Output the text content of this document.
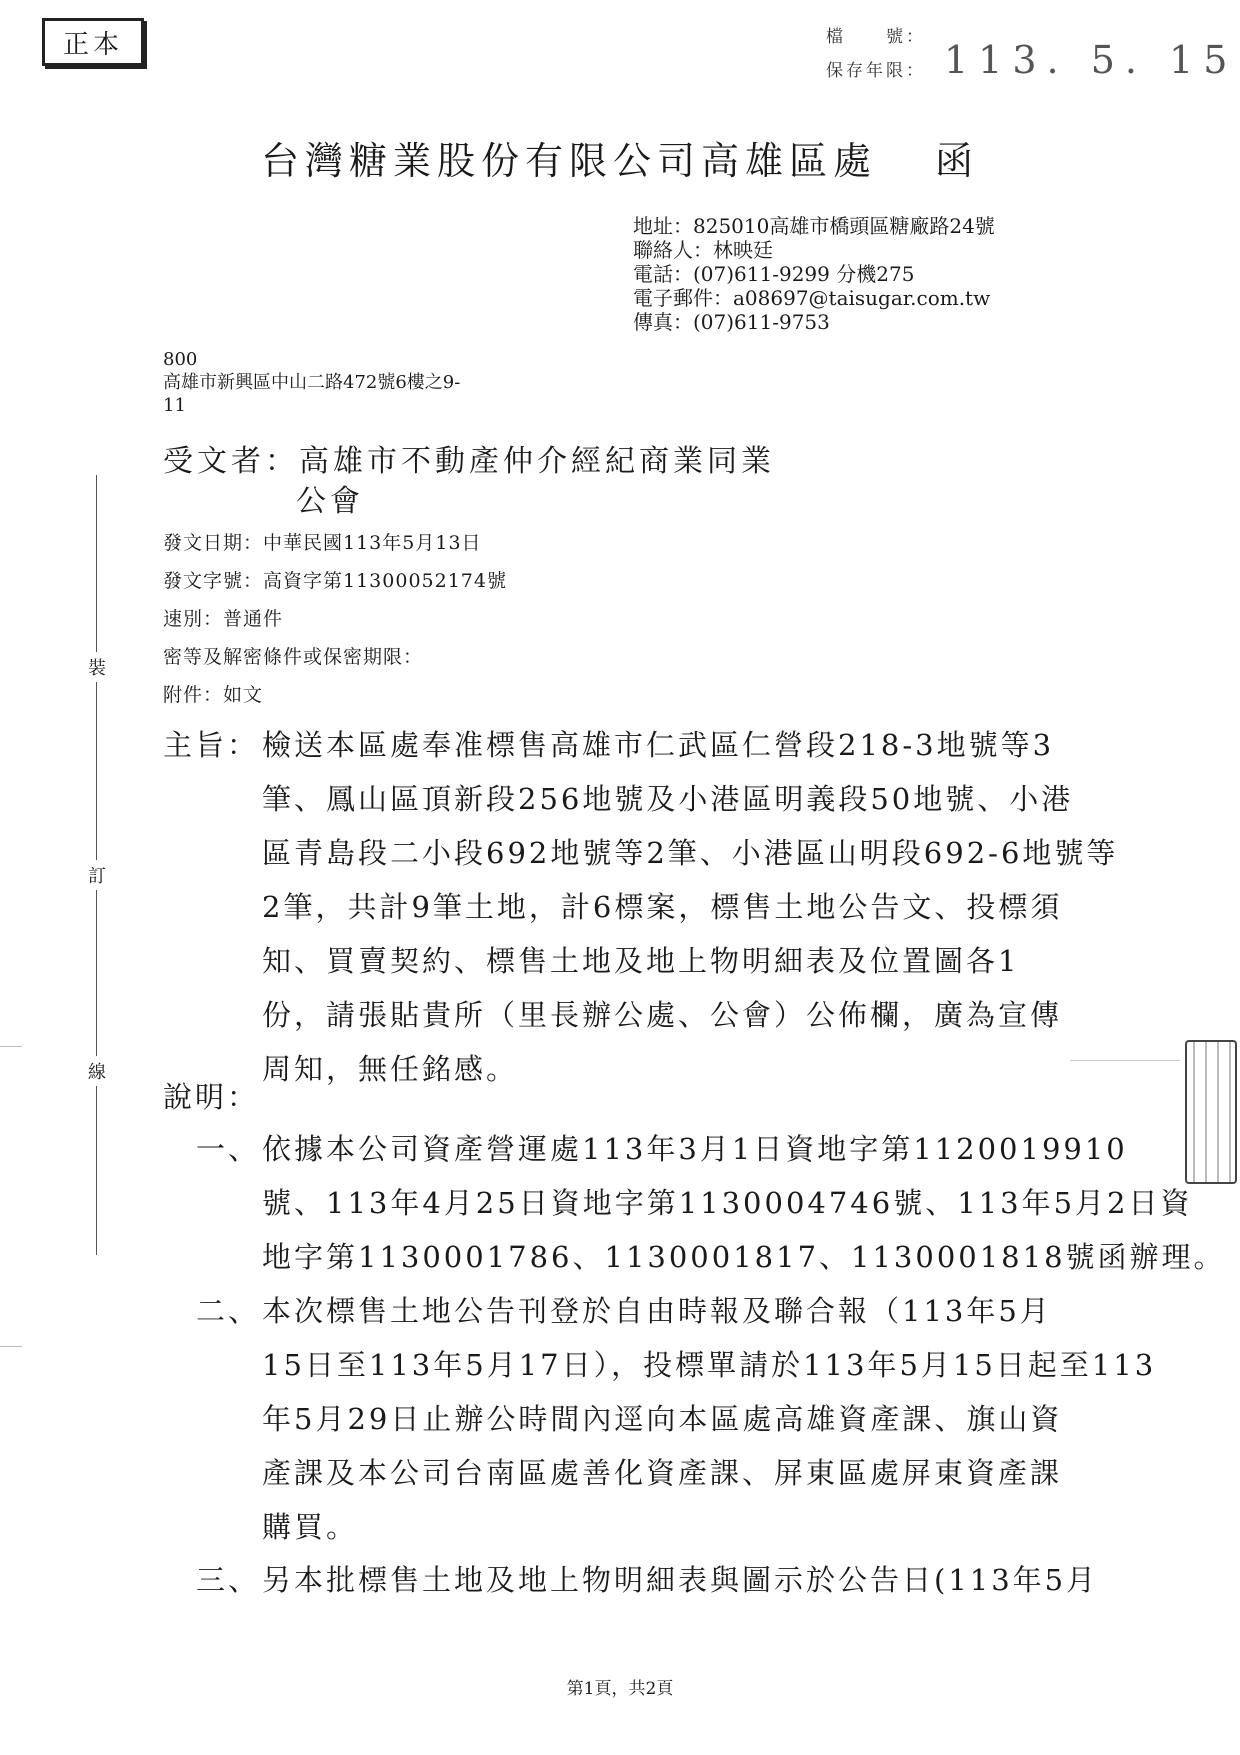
正本	檔　　號：
保存年限： 113. 5. 15
台灣糖業股份有限公司高雄區處 函
地址：825010高雄市橋頭區糖廠路24號
聯絡人：林映廷
電話：(07)611-9299 分機275
電子郵件：a08697@taisugar.com.tw
傳真：(07)611-9753
800
高雄市新興區中山二路472號6樓之9-
11
受文者：高雄市不動產仲介經紀商業同業
公會
發文日期：中華民國113年5月13日
發文字號：高資字第11300052174號
速別：普通件
密等及解密條件或保密期限：
附件：如文
主旨： 檢送本區處奉准標售高雄市仁武區仁營段218-3地號等3
筆、鳳山區頂新段256地號及小港區明義段50地號、小港
區青島段二小段692地號等2筆、小港區山明段692-6地號等
2筆，共計9筆土地，計6標案，標售土地公告文、投標須
知、買賣契約、標售土地及地上物明細表及位置圖各1
份，請張貼貴所（里長辦公處、公會）公佈欄，廣為宣傳
周知，無任銘感。
說明：
一、 依據本公司資產營運處113年3月1日資地字第1120019910
號、113年4月25日資地字第1130004746號、113年5月2日資
地字第1130001786、1130001817、1130001818號函辦理。
二、 本次標售土地公告刊登於自由時報及聯合報（113年5月
15日至113年5月17日），投標單請於113年5月15日起至113
年5月29日止辦公時間內逕向本區處高雄資產課、旗山資
產課及本公司台南區處善化資產課、屏東區處屏東資產課
購買。
三、 另本批標售土地及地上物明細表與圖示於公告日(113年5月
裝
訂
線
第1頁，共2頁
